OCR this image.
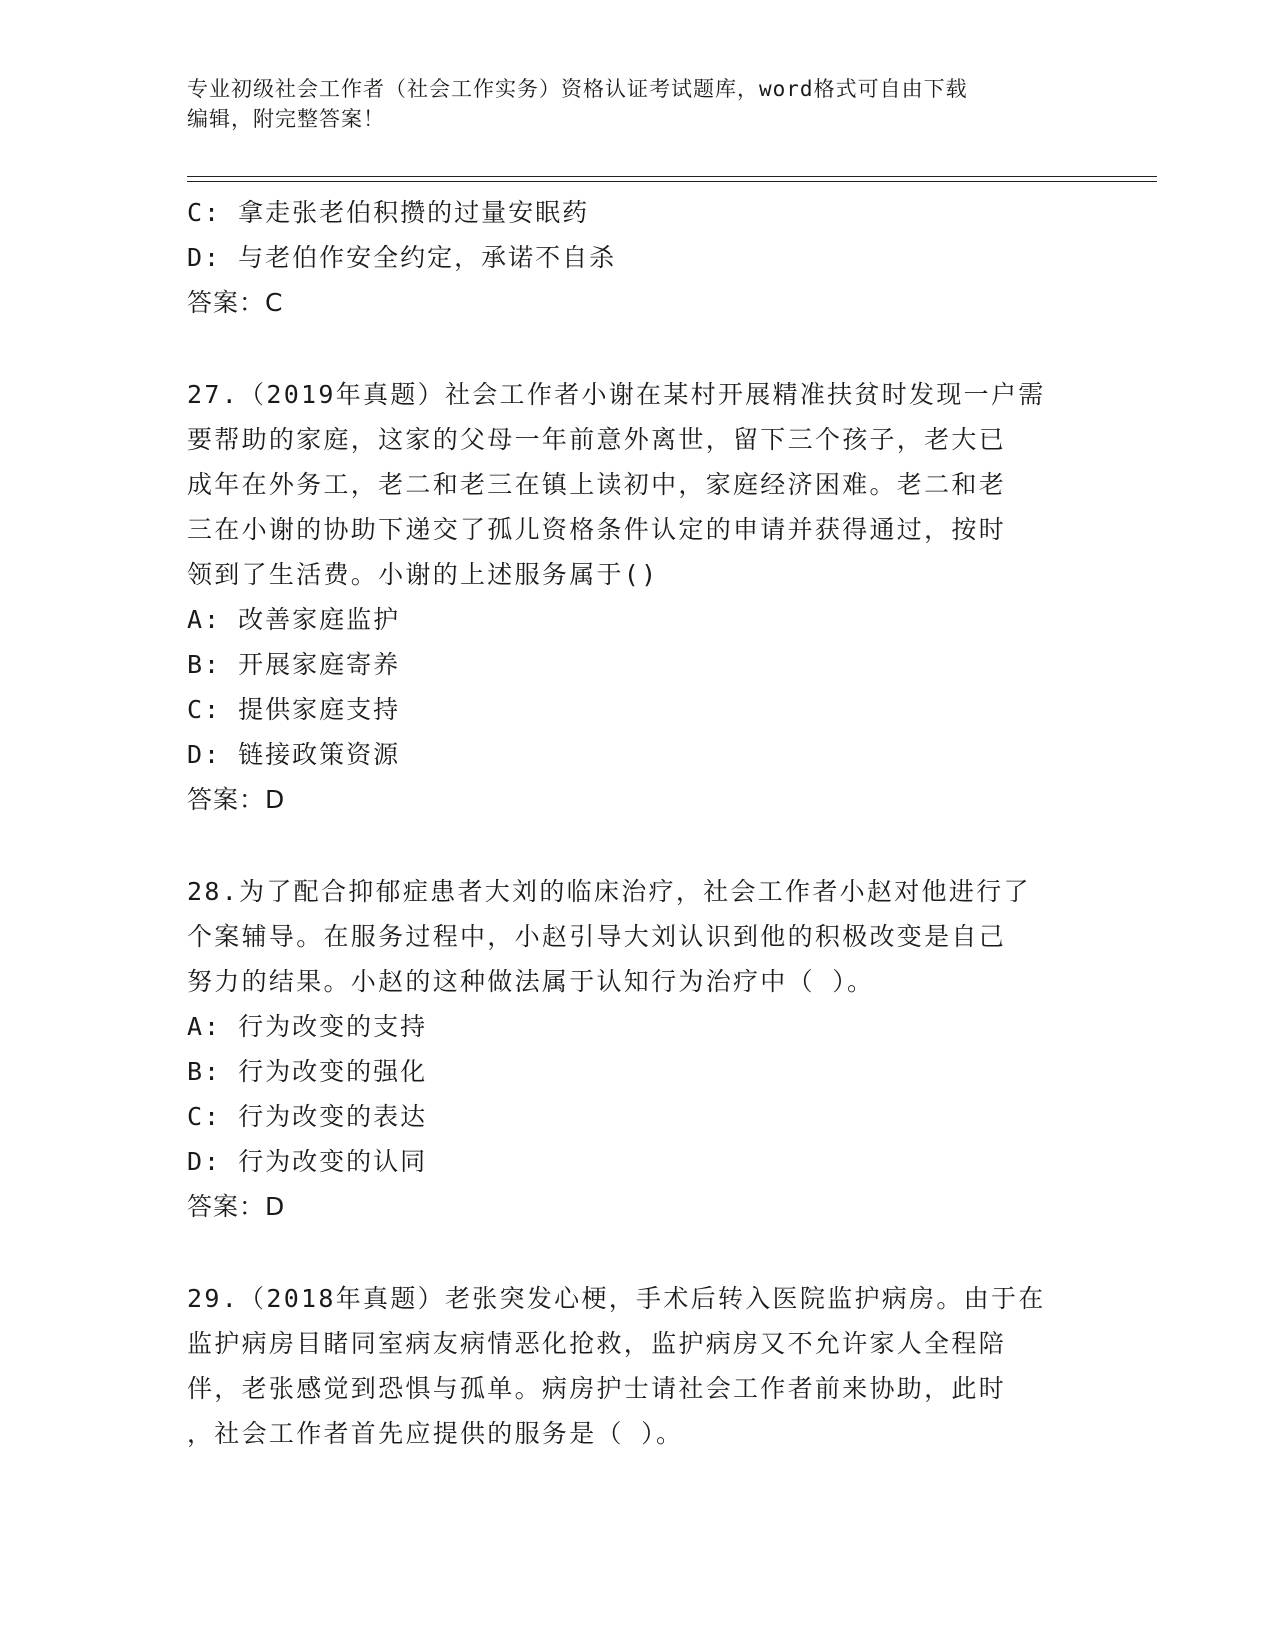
专业初级社会工作者（社会工作实务）资格认证考试题库，word格式可自由下载
编辑，附完整答案！
C: 拿走张老伯积攒的过量安眠药
D: 与老伯作安全约定，承诺不自杀
答案：C
27.（2019年真题）社会工作者小谢在某村开展精准扶贫时发现一户需
要帮助的家庭，这家的父母一年前意外离世，留下三个孩子，老大已
成年在外务工，老二和老三在镇上读初中，家庭经济困难。老二和老
三在小谢的协助下递交了孤儿资格条件认定的申请并获得通过，按时
领到了生活费。小谢的上述服务属于()
A: 改善家庭监护
B: 开展家庭寄养
C: 提供家庭支持
D: 链接政策资源
答案：D
28.为了配合抑郁症患者大刘的临床治疗，社会工作者小赵对他进行了
个案辅导。在服务过程中，小赵引导大刘认识到他的积极改变是自己
努力的结果。小赵的这种做法属于认知行为治疗中（ ）。
A: 行为改变的支持
B: 行为改变的强化
C: 行为改变的表达
D: 行为改变的认同
答案：D
29.（2018年真题）老张突发心梗，手术后转入医院监护病房。由于在
监护病房目睹同室病友病情恶化抢救，监护病房又不允许家人全程陪
伴，老张感觉到恐惧与孤单。病房护士请社会工作者前来协助，此时
，社会工作者首先应提供的服务是（ ）。
